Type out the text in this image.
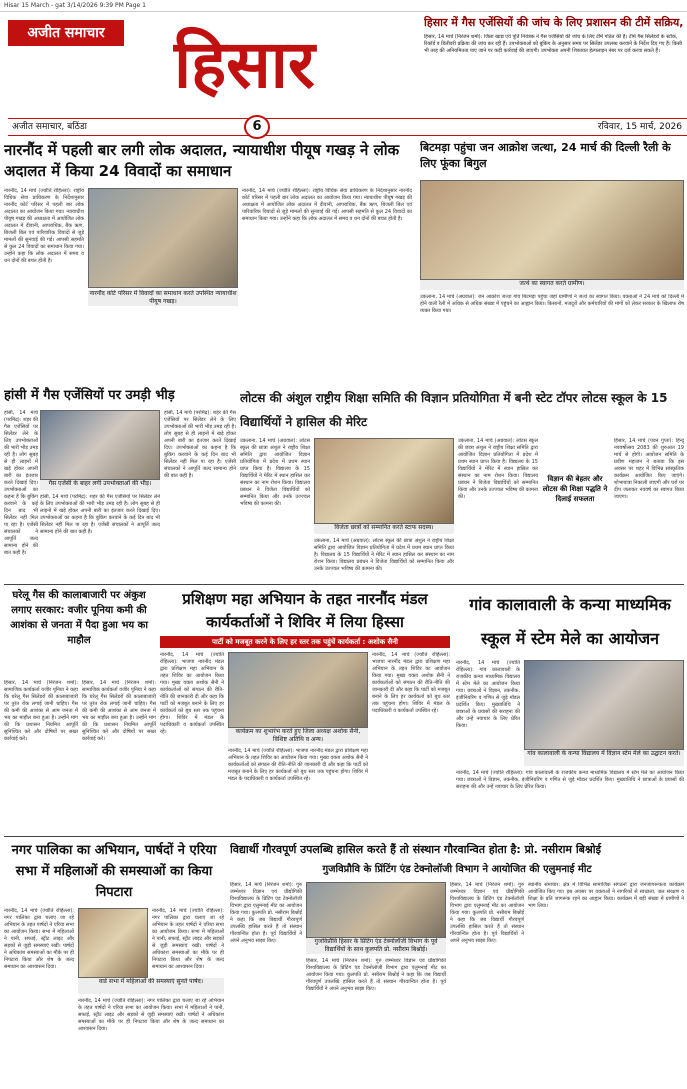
Hisar 15 March - gat 3/14/2026 9:39 PM Page 1
अजीत समाचार हिसार
हिसार में गैस एजेंसियों की जांच के लिए प्रशासन की टीमें सक्रिय,
हिसार, 14 मार्च (निरंजन शर्मा): जिला खाद्य एवं पूर्ति नियंत्रक ने गैस एजेंसियों की जांच के लिए टीमें गठित की हैं। टीमें गैस सिलेंडरों के स्टॉक, रिकॉर्ड व डिलीवरी प्रक्रिया की जांच कर रही हैं। उपभोक्ताओं को बुकिंग के अनुसार समय पर सिलेंडर उपलब्ध करवाने के निर्देश दिए गए हैं। किसी भी तरह की अनियमितता पाए जाने पर कड़ी कार्रवाई की जाएगी। उपभोक्ता अपनी शिकायत हेल्पलाइन नंबर पर दर्ज करवा सकते हैं।
अजीत समाचार, बठिंडा	6	रविवार, 15 मार्च, 2026
नारनौंद में पहली बार लगी लोक अदालत, न्यायाधीश पीयूष गखड़ ने लोक अदालत में किया 24 विवादों का समाधान
नारनौंद, 14 मार्च (ज्योति रोहिल्ला): राष्ट्रीय विधिक सेवा प्राधिकरण के निर्देशानुसार नारनौंद कोर्ट परिसर में पहली बार लोक अदालत का आयोजन किया गया। न्यायाधीश पीयूष गखड़ की अध्यक्षता में आयोजित लोक अदालत में दीवानी, आपराधिक, बैंक ऋण, बिजली बिल एवं पारिवारिक विवादों से जुड़े मामलों की सुनवाई की गई। आपसी सहमति से कुल 24 विवादों का समाधान किया गया। उन्होंने कहा कि लोक अदालत में समय व धन दोनों की बचत होती है।
नारनौंद कोर्ट परिसर में विवादों का समाधान करते उपस्थित न्यायाधीश पीयूष गखड़।
नारनौंद, 14 मार्च (ज्योति रोहिल्ला): राष्ट्रीय विधिक सेवा प्राधिकरण के निर्देशानुसार नारनौंद कोर्ट परिसर में पहली बार लोक अदालत का आयोजन किया गया। न्यायाधीश पीयूष गखड़ की अध्यक्षता में आयोजित लोक अदालत में दीवानी, आपराधिक, बैंक ऋण, बिजली बिल एवं पारिवारिक विवादों से जुड़े मामलों की सुनवाई की गई। आपसी सहमति से कुल 24 विवादों का समाधान किया गया। उन्होंने कहा कि लोक अदालत में समय व धन दोनों की बचत होती है।
बिटमड़ा पहुंचा जन आक्रोश जत्था, 24 मार्च की दिल्ली रैली के लिए फूंका बिगुल
जत्थे का स्वागत करते ग्रामीण।
उकलाना, 14 मार्च (अग्रवाल): जन आक्रोश जत्था गांव बिटमड़ा पहुंचा जहां ग्रामीणों ने जत्थे का स्वागत किया। वक्ताओं ने 24 मार्च को दिल्ली में होने वाली रैली में अधिक से अधिक संख्या में पहुंचने का आह्वान किया। किसानों, मजदूरों और कर्मचारियों की मांगों को लेकर सरकार के खिलाफ रोष व्यक्त किया गया।
हांसी में गैस एजेंसियों पर उमड़ी भीड़
गैस एजेंसी के बाहर लगी उपभोक्ताओं की भीड़।
हांसी, 14 मार्च (परमिंद्र): शहर की गैस एजेंसियों पर सिलेंडर लेने के लिए उपभोक्ताओं की भारी भीड़ उमड़ रही है। लोग सुबह से ही लाइनों में खड़े होकर अपनी बारी का इंतजार करते दिखाई दिए। उपभोक्ताओं का कहना है कि बुकिंग करवाने के कई दिन बाद भी सिलेंडर नहीं मिल पा रहा है। एजेंसी संचालकों ने आपूर्ति जल्द सामान्य होने की बात कही है।
हांसी, 14 मार्च (परमिंद्र): शहर की गैस एजेंसियों पर सिलेंडर लेने के लिए उपभोक्ताओं की भारी भीड़ उमड़ रही है। लोग सुबह से ही लाइनों में खड़े होकर अपनी बारी का इंतजार करते दिखाई दिए। उपभोक्ताओं का कहना है कि बुकिंग करवाने के कई दिन बाद भी सिलेंडर नहीं मिल पा रहा है। एजेंसी संचालकों ने आपूर्ति जल्द सामान्य होने की बात कही है।
हांसी, 14 मार्च (परमिंद्र): शहर की गैस एजेंसियों पर सिलेंडर लेने के लिए उपभोक्ताओं की भारी भीड़ उमड़ रही है। लोग सुबह से ही लाइनों में खड़े होकर अपनी बारी का इंतजार करते दिखाई दिए। उपभोक्ताओं का कहना है कि बुकिंग करवाने के कई दिन बाद भी सिलेंडर नहीं मिल पा रहा है। एजेंसी संचालकों ने आपूर्ति जल्द सामान्य होने की बात कही है।
लोटस की अंशुल राष्ट्रीय शिक्षा समिति की विज्ञान प्रतियोगिता में बनी स्टेट टॉपर लोटस स्कूल के 15 विद्यार्थियों ने हासिल की मेरिट
उकलाना, 14 मार्च (अग्रवाल): लोटस स्कूल की छात्रा अंशुल ने राष्ट्रीय शिक्षा समिति द्वारा आयोजित विज्ञान प्रतियोगिता में प्रदेश में प्रथम स्थान प्राप्त किया है। विद्यालय के 15 विद्यार्थियों ने मेरिट में स्थान हासिल कर संस्थान का नाम रोशन किया। विद्यालय प्रबंधन ने विजेता विद्यार्थियों को सम्मानित किया और उनके उज्ज्वल भविष्य की कामना की।
विजेता छात्रों को सम्मानित करते स्टाफ सदस्य।
उकलाना, 14 मार्च (अग्रवाल): लोटस स्कूल की छात्रा अंशुल ने राष्ट्रीय शिक्षा समिति द्वारा आयोजित विज्ञान प्रतियोगिता में प्रदेश में प्रथम स्थान प्राप्त किया है। विद्यालय के 15 विद्यार्थियों ने मेरिट में स्थान हासिल कर संस्थान का नाम रोशन किया। विद्यालय प्रबंधन ने विजेता विद्यार्थियों को सम्मानित किया और उनके उज्ज्वल भविष्य की कामना की।
विज्ञान की बेहतर और लोटस की शिक्षा पद्धति ने दिलाई सफलता
उकलाना, 14 मार्च (अग्रवाल): लोटस स्कूल की छात्रा अंशुल ने राष्ट्रीय शिक्षा समिति द्वारा आयोजित विज्ञान प्रतियोगिता में प्रदेश में प्रथम स्थान प्राप्त किया है। विद्यालय के 15 विद्यार्थियों ने मेरिट में स्थान हासिल कर संस्थान का नाम रोशन किया। विद्यालय प्रबंधन ने विजेता विद्यार्थियों को सम्मानित किया और उनके उज्ज्वल भविष्य की कामना की।
हिसार, 14 मार्च (पवन गुप्ता): हिन्दू नववर्षोत्सव 2083 की शुरुआत 19 मार्च से होगी। आयोजन समिति के प्रवीण महाजन ने बताया कि इस अवसर पर शहर में विभिन्न सांस्कृतिक कार्यक्रम आयोजित किए जाएंगे। शोभायात्रा निकाली जाएगी और घरों पर दीप जलाकर नववर्ष का स्वागत किया जाएगा।
घरेलू गैस की कालाबाजारी पर अंकुश लगाए सरकार: वजीर पूनिया कमी की आशंका से जनता में पैदा हुआ भय का माहौल
हिसार, 14 मार्च (निरंजन शर्मा): सामाजिक कार्यकर्ता वजीर पूनिया ने कहा कि घरेलू गैस सिलेंडरों की कालाबाजारी पर तुरंत रोक लगाई जानी चाहिए। गैस की कमी की आशंका से आम जनता में भय का माहौल बना हुआ है। उन्होंने मांग की कि प्रशासन नियमित आपूर्ति सुनिश्चित करे और दोषियों पर सख्त कार्रवाई करे।
हिसार, 14 मार्च (निरंजन शर्मा): सामाजिक कार्यकर्ता वजीर पूनिया ने कहा कि घरेलू गैस सिलेंडरों की कालाबाजारी पर तुरंत रोक लगाई जानी चाहिए। गैस की कमी की आशंका से आम जनता में भय का माहौल बना हुआ है। उन्होंने मांग की कि प्रशासन नियमित आपूर्ति सुनिश्चित करे और दोषियों पर सख्त कार्रवाई करे।
प्रशिक्षण महा अभियान के तहत नारनौंद मंडल कार्यकर्ताओं ने शिविर में लिया हिस्सा
पार्टी को मजबूत करने के लिए हर स्तर तक पहुंचें कार्यकर्ता : अशोक सैनी
नारनौंद, 14 मार्च (ज्योति रोहिल्ला): भाजपा नारनौंद मंडल द्वारा प्रशिक्षण महा अभियान के तहत शिविर का आयोजन किया गया। मुख्य वक्ता अशोक सैनी ने कार्यकर्ताओं को संगठन की रीति-नीति की जानकारी दी और कहा कि पार्टी को मजबूत बनाने के लिए हर कार्यकर्ता को बूथ स्तर तक पहुंचना होगा। शिविर में मंडल के पदाधिकारी व कार्यकर्ता उपस्थित रहे।	कार्यक्रम का शुभारंभ करते हुए जिला अध्यक्ष अशोक सैनी, विशिष्ट अतिथि व अन्य।
नारनौंद, 14 मार्च (ज्योति रोहिल्ला): भाजपा नारनौंद मंडल द्वारा प्रशिक्षण महा अभियान के तहत शिविर का आयोजन किया गया। मुख्य वक्ता अशोक सैनी ने कार्यकर्ताओं को संगठन की रीति-नीति की जानकारी दी और कहा कि पार्टी को मजबूत बनाने के लिए हर कार्यकर्ता को बूथ स्तर तक पहुंचना होगा। शिविर में मंडल के पदाधिकारी व कार्यकर्ता उपस्थित रहे।
नारनौंद, 14 मार्च (ज्योति रोहिल्ला): भाजपा नारनौंद मंडल द्वारा प्रशिक्षण महा अभियान के तहत शिविर का आयोजन किया गया। मुख्य वक्ता अशोक सैनी ने कार्यकर्ताओं को संगठन की रीति-नीति की जानकारी दी और कहा कि पार्टी को मजबूत बनाने के लिए हर कार्यकर्ता को बूथ स्तर तक पहुंचना होगा। शिविर में मंडल के पदाधिकारी व कार्यकर्ता उपस्थित रहे।
गांव कालावाली के कन्या माध्यमिक स्कूल में स्टेम मेले का आयोजन
नारनौंद, 14 मार्च (ज्योति रोहिल्ला): गांव कालावाली के राजकीय कन्या माध्यमिक विद्यालय में स्टेम मेले का आयोजन किया गया। छात्राओं ने विज्ञान, तकनीक, इंजीनियरिंग व गणित से जुड़े मॉडल प्रदर्शित किए। मुख्यातिथि ने छात्राओं के प्रयासों की सराहना की और उन्हें नवाचार के लिए प्रेरित किया।
गांव कालावाली के कन्या विद्यालय में विज्ञान स्टेम मेले का उद्घाटन करते।
नारनौंद, 14 मार्च (ज्योति रोहिल्ला): गांव कालावाली के राजकीय कन्या माध्यमिक विद्यालय में स्टेम मेले का आयोजन किया गया। छात्राओं ने विज्ञान, तकनीक, इंजीनियरिंग व गणित से जुड़े मॉडल प्रदर्शित किए। मुख्यातिथि ने छात्राओं के प्रयासों की सराहना की और उन्हें नवाचार के लिए प्रेरित किया।
नगर पालिका का अभियान, पार्षदों ने एरिया सभा में महिलाओं की समस्याओं का किया निपटारा
नारनौंद, 14 मार्च (ज्योति रोहिल्ला): नगर पालिका द्वारा चलाए जा रहे अभियान के तहत पार्षदों ने एरिया सभा का आयोजन किया। सभा में महिलाओं ने पानी, सफाई, स्ट्रीट लाइट और सड़कों से जुड़ी समस्याएं रखीं। पार्षदों ने अधिकांश समस्याओं का मौके पर ही निपटारा किया और शेष के जल्द समाधान का आश्वासन दिया।
वार्ड सभा में महिलाओं की समस्याएं सुनते पार्षद।
नारनौंद, 14 मार्च (ज्योति रोहिल्ला): नगर पालिका द्वारा चलाए जा रहे अभियान के तहत पार्षदों ने एरिया सभा का आयोजन किया। सभा में महिलाओं ने पानी, सफाई, स्ट्रीट लाइट और सड़कों से जुड़ी समस्याएं रखीं। पार्षदों ने अधिकांश समस्याओं का मौके पर ही निपटारा किया और शेष के जल्द समाधान का आश्वासन दिया।
नारनौंद, 14 मार्च (ज्योति रोहिल्ला): नगर पालिका द्वारा चलाए जा रहे अभियान के तहत पार्षदों ने एरिया सभा का आयोजन किया। सभा में महिलाओं ने पानी, सफाई, स्ट्रीट लाइट और सड़कों से जुड़ी समस्याएं रखीं। पार्षदों ने अधिकांश समस्याओं का मौके पर ही निपटारा किया और शेष के जल्द समाधान का आश्वासन दिया।
विद्यार्थी गौरवपूर्ण उपलब्धि हासिल करते हैं तो संस्थान गौरवान्वित होता है: प्रो. नसीराम बिश्नोई
गुजविप्रौवि के प्रिंटिंग एंड टेक्नोलॉजी विभाग ने आयोजित की एलुमनाई मीट
हिसार, 14 मार्च (निरंजन शर्मा): गुरु जम्भेश्वर विज्ञान एवं प्रौद्योगिकी विश्वविद्यालय के प्रिंटिंग एंड टेक्नोलॉजी विभाग द्वारा एलुमनाई मीट का आयोजन किया गया। कुलपति प्रो. नसीराम बिश्नोई ने कहा कि जब विद्यार्थी गौरवपूर्ण उपलब्धि हासिल करते हैं तो संस्थान गौरवान्वित होता है। पूर्व विद्यार्थियों ने अपने अनुभव साझा किए।	गुजविप्रौवि हिसार के प्रिंटिंग एंड टेक्नोलॉजी विभाग के पूर्व विद्यार्थियों के साथ कुलपति प्रो. नसीराम बिश्नोई।
हिसार, 14 मार्च (निरंजन शर्मा): गुरु जम्भेश्वर विज्ञान एवं प्रौद्योगिकी विश्वविद्यालय के प्रिंटिंग एंड टेक्नोलॉजी विभाग द्वारा एलुमनाई मीट का आयोजन किया गया। कुलपति प्रो. नसीराम बिश्नोई ने कहा कि जब विद्यार्थी गौरवपूर्ण उपलब्धि हासिल करते हैं तो संस्थान गौरवान्वित होता है। पूर्व विद्यार्थियों ने अपने अनुभव साझा किए।
हिसार, 14 मार्च (निरंजन शर्मा): गुरु जम्भेश्वर विज्ञान एवं प्रौद्योगिकी विश्वविद्यालय के प्रिंटिंग एंड टेक्नोलॉजी विभाग द्वारा एलुमनाई मीट का आयोजन किया गया। कुलपति प्रो. नसीराम बिश्नोई ने कहा कि जब विद्यार्थी गौरवपूर्ण उपलब्धि हासिल करते हैं तो संस्थान गौरवान्वित होता है। पूर्व विद्यार्थियों ने अपने अनुभव साझा किए।
स्थानीय समाचार: क्षेत्र में विभिन्न सामाजिक संगठनों द्वारा जनजागरूकता कार्यक्रम आयोजित किए गए। इस अवसर पर वक्ताओं ने नागरिकों से स्वच्छता, जल संरक्षण व शिक्षा के प्रति जागरूक रहने का आह्वान किया। कार्यक्रम में बड़ी संख्या में ग्रामीणों ने भाग लिया।
